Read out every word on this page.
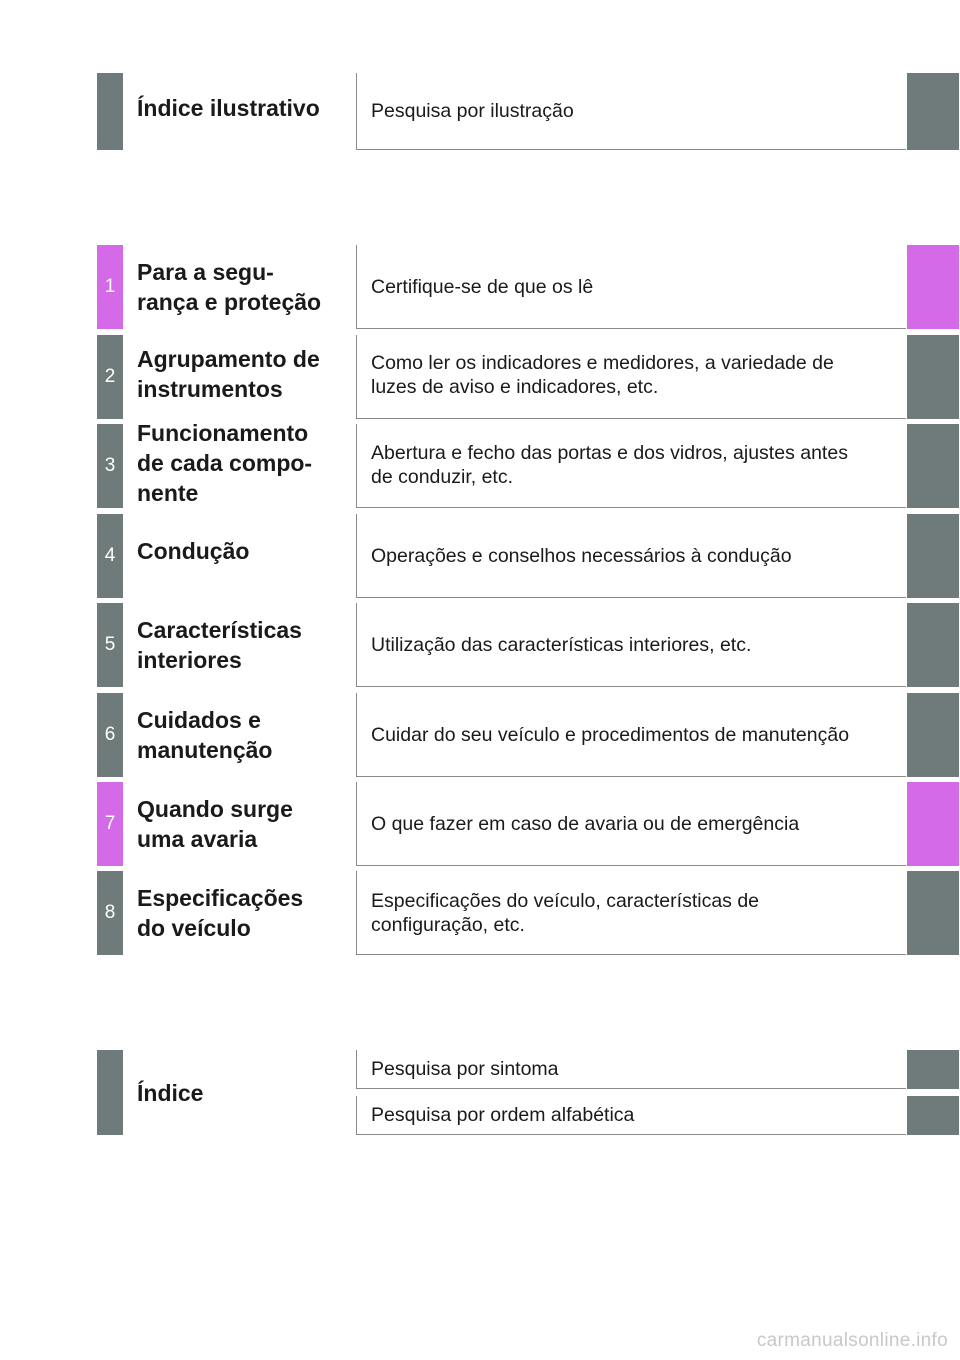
Índice ilustrativo	Pesquisa por ilustração
1
Para a segu-
rança e proteção
Certifique-se de que os lê
2
Agrupamento de
instrumentos
Como ler os indicadores e medidores, a variedade de
luzes de aviso e indicadores, etc.
3
Funcionamento
de cada compo-
nente
Abertura e fecho das portas e dos vidros, ajustes antes
de conduzir, etc.
4 Condução	Operações e conselhos necessários à condução
5
Características
interiores
Utilização das características interiores, etc.
6
Cuidados e
manutenção
Cuidar do seu veículo e procedimentos de manutenção
7
Quando surge
uma avaria
O que fazer em caso de avaria ou de emergência
8
Especificações
do veículo
Especificações do veículo, características de
configuração, etc.
Índice
Pesquisa por sintoma
Pesquisa por ordem alfabética
carmanualsonline.info
